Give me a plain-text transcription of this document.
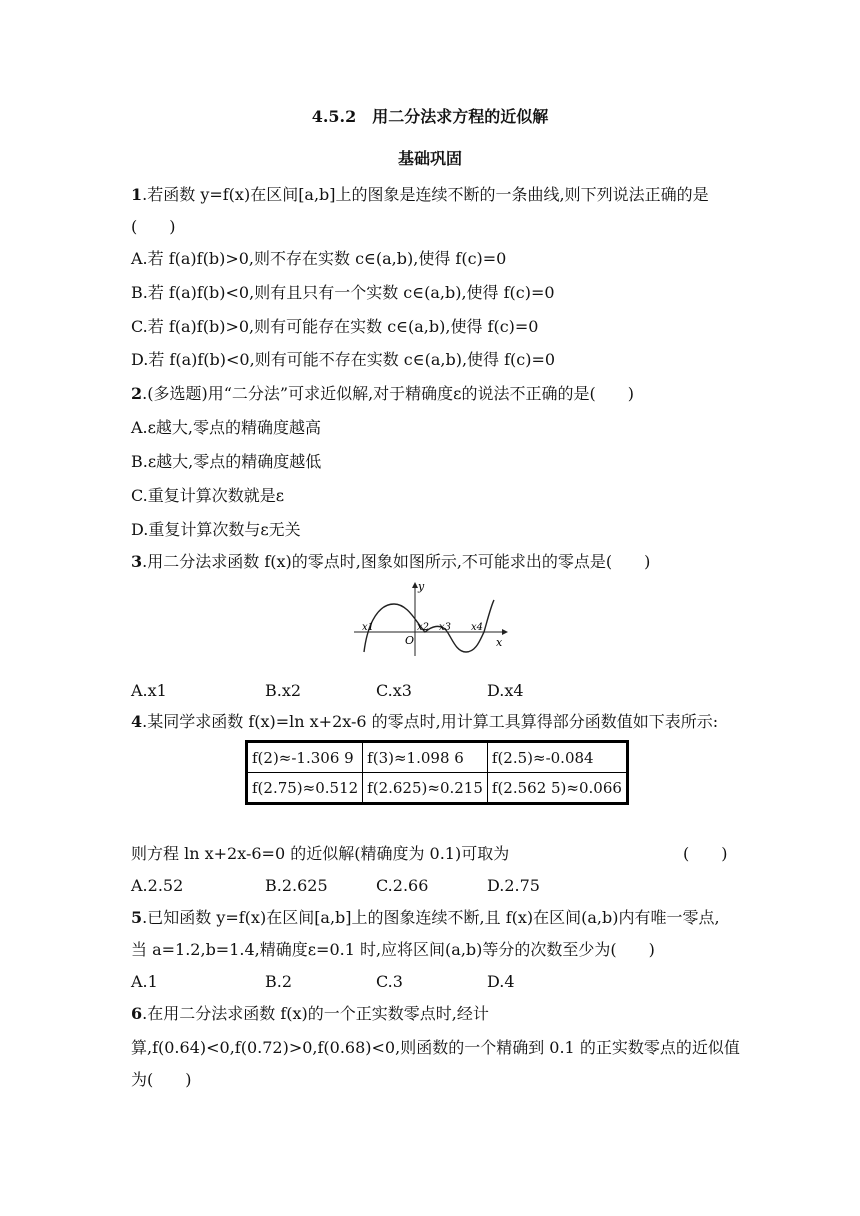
4.5.2　用二分法求方程的近似解
基础巩固
1.若函数 y=f(x)在区间[a,b]上的图象是连续不断的一条曲线,则下列说法正确的是
(　　)
A.若 f(a)f(b)>0,则不存在实数 c∈(a,b),使得 f(c)=0
B.若 f(a)f(b)<0,则有且只有一个实数 c∈(a,b),使得 f(c)=0
C.若 f(a)f(b)>0,则有可能存在实数 c∈(a,b),使得 f(c)=0
D.若 f(a)f(b)<0,则有可能不存在实数 c∈(a,b),使得 f(c)=0
2.(多选题)用“二分法”可求近似解,对于精确度ε的说法不正确的是(　　)
A.ε越大,零点的精确度越高
B.ε越大,零点的精确度越低
C.重复计算次数就是ε
D.重复计算次数与ε无关
3.用二分法求函数 f(x)的零点时,图象如图所示,不可能求出的零点是(　　)
y
x
O
x1	x2 x3 x4
A.x1	B.x2	C.x3	D.x4
4.某同学求函数 f(x)=ln x+2x-6 的零点时,用计算工具算得部分函数值如下表所示:
f(2)≈-1.306 9	f(3)≈1.098 6	f(2.5)≈-0.084
f(2.75)≈0.512	f(2.625)≈0.215	f(2.562 5)≈0.066
则方程 ln x+2x-6=0 的近似解(精确度为 0.1)可取为	(　　)
A.2.52	B.2.625	C.2.66	D.2.75
5.已知函数 y=f(x)在区间[a,b]上的图象连续不断,且 f(x)在区间(a,b)内有唯一零点,
当 a=1.2,b=1.4,精确度ε=0.1 时,应将区间(a,b)等分的次数至少为(　　)
A.1	B.2	C.3	D.4
6.在用二分法求函数 f(x)的一个正实数零点时,经计
算,f(0.64)<0,f(0.72)>0,f(0.68)<0,则函数的一个精确到 0.1 的正实数零点的近似值
为(　　)
